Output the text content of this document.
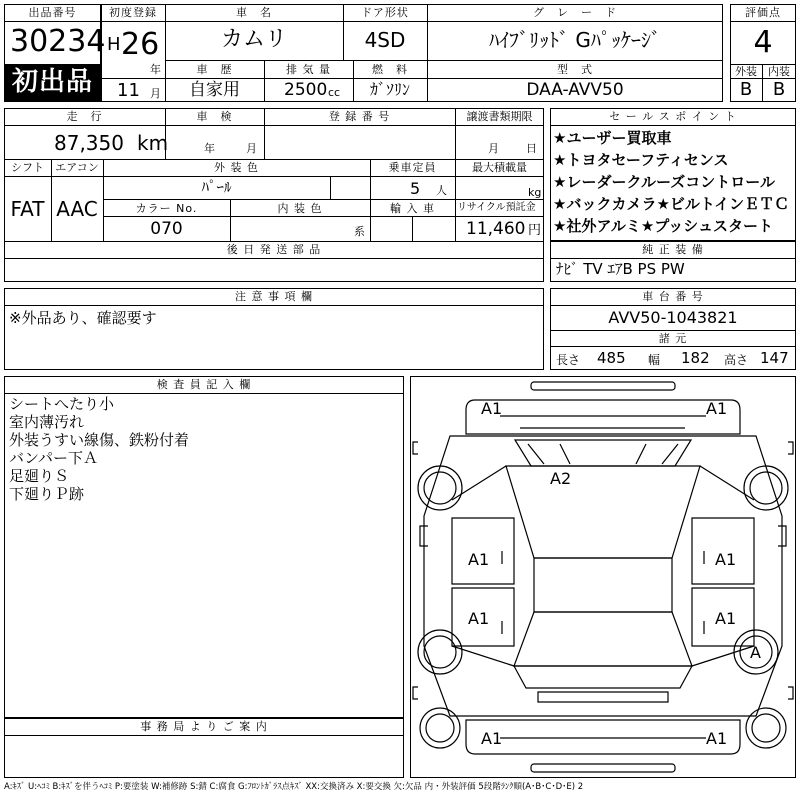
出品番号
30234
初出品
初度登録
H 26
年
11 月
車　名
カムリ
ドア形状
4SD
グ　レ　ー　ド
ﾊｲﾌﾞﾘｯﾄﾞ Gﾊﾟｯｹｰｼﾞ
車　歴
自家用
排 気 量
2500 cc
燃　料
ｶﾞｿﾘﾝ
型　式
DAA-AVV50
評価点
4
外装	内装
B	B
走　行
87,350 km
車　検
年	月
登 録 番 号	譲渡書類期限
月 日
シフト
FAT
エアコン
AAC
外 装 色
ﾊﾟｰﾙ
乗車定員
5 人
最大積載量
kg
カラー No.
070
内 装 色
系
輸 入 車	リサイクル預託金
11,460 円
後 日 発 送 部 品
セ ー ル ス ポ イ ン ト
★ユーザー買取車
★トヨタセーフティセンス
★レーダークルーズコントロール
★バックカメラ★ビルトインＥＴＣ
★社外アルミ★プッシュスタート
純 正 装 備
ﾅﾋﾞ TV ｴｱB PS PW
注 意 事 項 欄
※外品あり、確認要す
車 台 番 号
AVV50-1043821
諸 元
長さ 485 幅 182 高さ 147
検 査 員 記 入 欄
シートへたり小
室内薄汚れ
外装うすい線傷、鉄粉付着
バンパー下Ａ
足廻りＳ
下廻りＰ跡
事 務 局 よ り ご 案 内
A1	A1
A2
A1	A1
A1	A1
A
A1	A1
A:ｷｽﾞ U:ﾍｺﾐ B:ｷｽﾞを伴うﾍｺﾐ P:要塗装 W:補修跡 S:錆 C:腐食 G:ﾌﾛﾝﾄｶﾞﾗｽ点ｷｽﾞ XX:交換済み X:要交換 欠:欠品 内・外装評価 5段階ﾗﾝｸ順(A･B･C･D･E) 2
